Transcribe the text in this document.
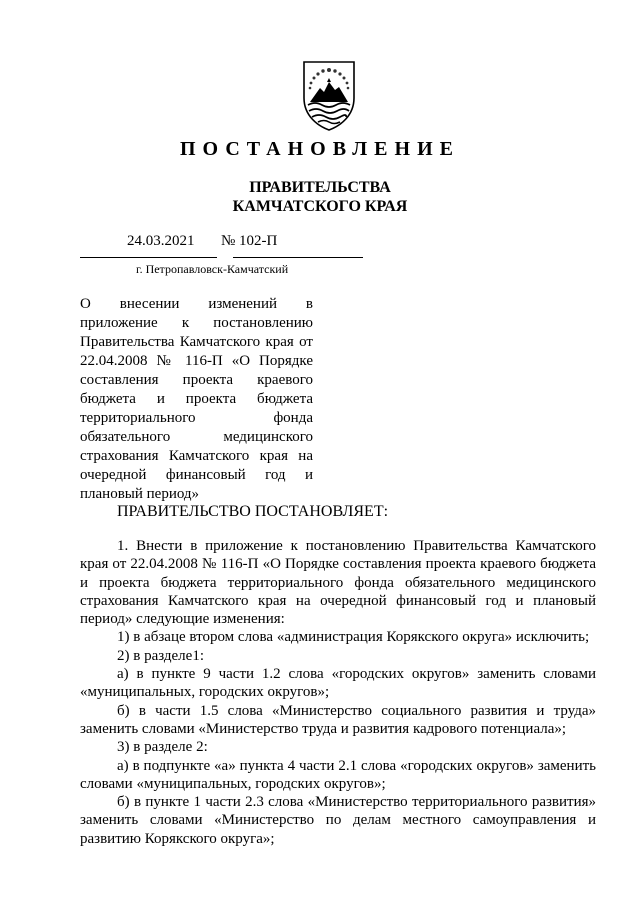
ПОСТАНОВЛЕНИЕ
ПРАВИТЕЛЬСТВА
КАМЧАТСКОГО КРАЯ
24.03.2021 № 102-П
г. Петропавловск-Камчатский
О внесении изменений в приложение к постановлению Правительства Камчатского края от 22.04.2008 № 116-П «О Порядке составления проекта краевого бюджета и проекта бюджета территориального фонда обязательного медицинского страхования Камчатского края на очередной финансовый год и плановый период»
ПРАВИТЕЛЬСТВО ПОСТАНОВЛЯЕТ:

1. Внести в приложение к постановлению Правительства Камчатского края от 22.04.2008 № 116-П «О Порядке составления проекта краевого бюджета и проекта бюджета территориального фонда обязательного медицинского страхования Камчатского края на очередной финансовый год и плановый период» следующие изменения:

1) в абзаце втором слова «администрация Корякского округа» исключить;

2) в разделе1:

а) в пункте 9 части 1.2 слова «городских округов» заменить словами «муниципальных, городских округов»;

б) в части 1.5 слова «Министерство социального развития и труда» заменить словами «Министерство труда и развития кадрового потенциала»;

3) в разделе 2:

а) в подпункте «а» пункта 4 части 2.1 слова «городских округов» заменить словами «муниципальных, городских округов»;

б) в пункте 1 части 2.3 слова «Министерство территориального развития» заменить словами «Министерство по делам местного самоуправления и развитию Корякского округа»;
